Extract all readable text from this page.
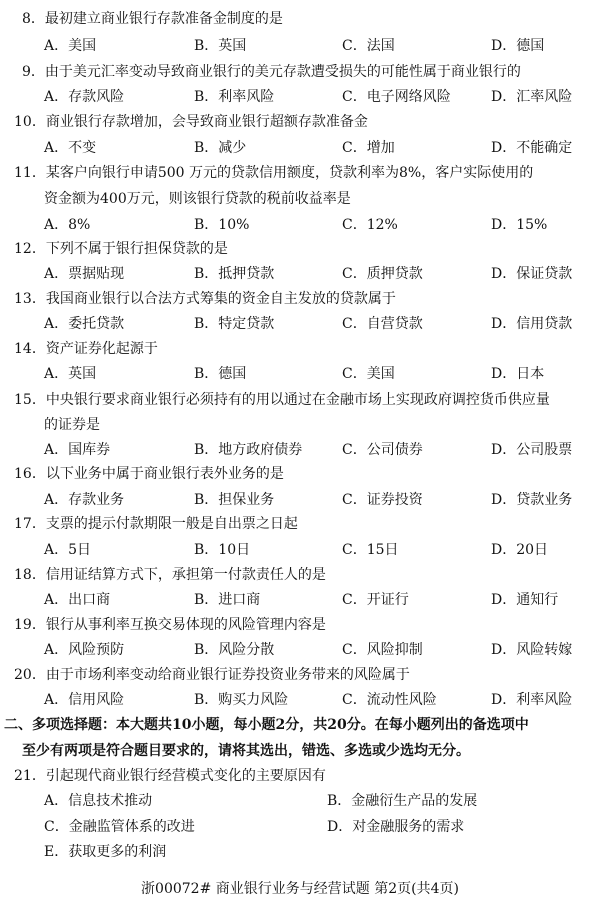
8．最初建立商业银行存款准备金制度的是
A．美国	B．英国	C．法国	D．德国
9．由于美元汇率变动导致商业银行的美元存款遭受损失的可能性属于商业银行的
A．存款风险	B．利率风险	C．电子网络风险	D．汇率风险
10．商业银行存款增加，会导致商业银行超额存款准备金
A．不变	B．减少	C．增加	D．不能确定
11．某客户向银行申请500 万元的贷款信用额度，贷款利率为8%，客户实际使用的
资金额为400万元，则该银行贷款的税前收益率是
A．8%	B．10%	C．12%	D．15%
12．下列不属于银行担保贷款的是
A．票据贴现	B．抵押贷款	C．质押贷款	D．保证贷款
13．我国商业银行以合法方式筹集的资金自主发放的贷款属于
A．委托贷款	B．特定贷款	C．自营贷款	D．信用贷款
14．资产证券化起源于
A．英国	B．德国	C．美国	D．日本
15．中央银行要求商业银行必须持有的用以通过在金融市场上实现政府调控货币供应量
的证券是
A．国库券	B．地方政府债券	C．公司债券	D．公司股票
16．以下业务中属于商业银行表外业务的是
A．存款业务	B．担保业务	C．证券投资	D．贷款业务
17．支票的提示付款期限一般是自出票之日起
A．5日	B．10日	C．15日	D．20日
18．信用证结算方式下，承担第一付款责任人的是
A．出口商	B．进口商	C．开证行	D．通知行
19．银行从事利率互换交易体现的风险管理内容是
A．风险预防	B．风险分散	C．风险抑制	D．风险转嫁
20．由于市场利率变动给商业银行证券投资业务带来的风险属于
A．信用风险	B．购买力风险	C．流动性风险	D．利率风险
二、多项选择题：本大题共10小题，每小题2分，共20分。在每小题列出的备选项中
至少有两项是符合题目要求的，请将其选出，错选、多选或少选均无分。
21．引起现代商业银行经营模式变化的主要原因有
A．信息技术推动	B．金融衍生产品的发展
C．金融监管体系的改进	D．对金融服务的需求
E．获取更多的利润
浙00072# 商业银行业务与经营试题 第2页(共4页)
